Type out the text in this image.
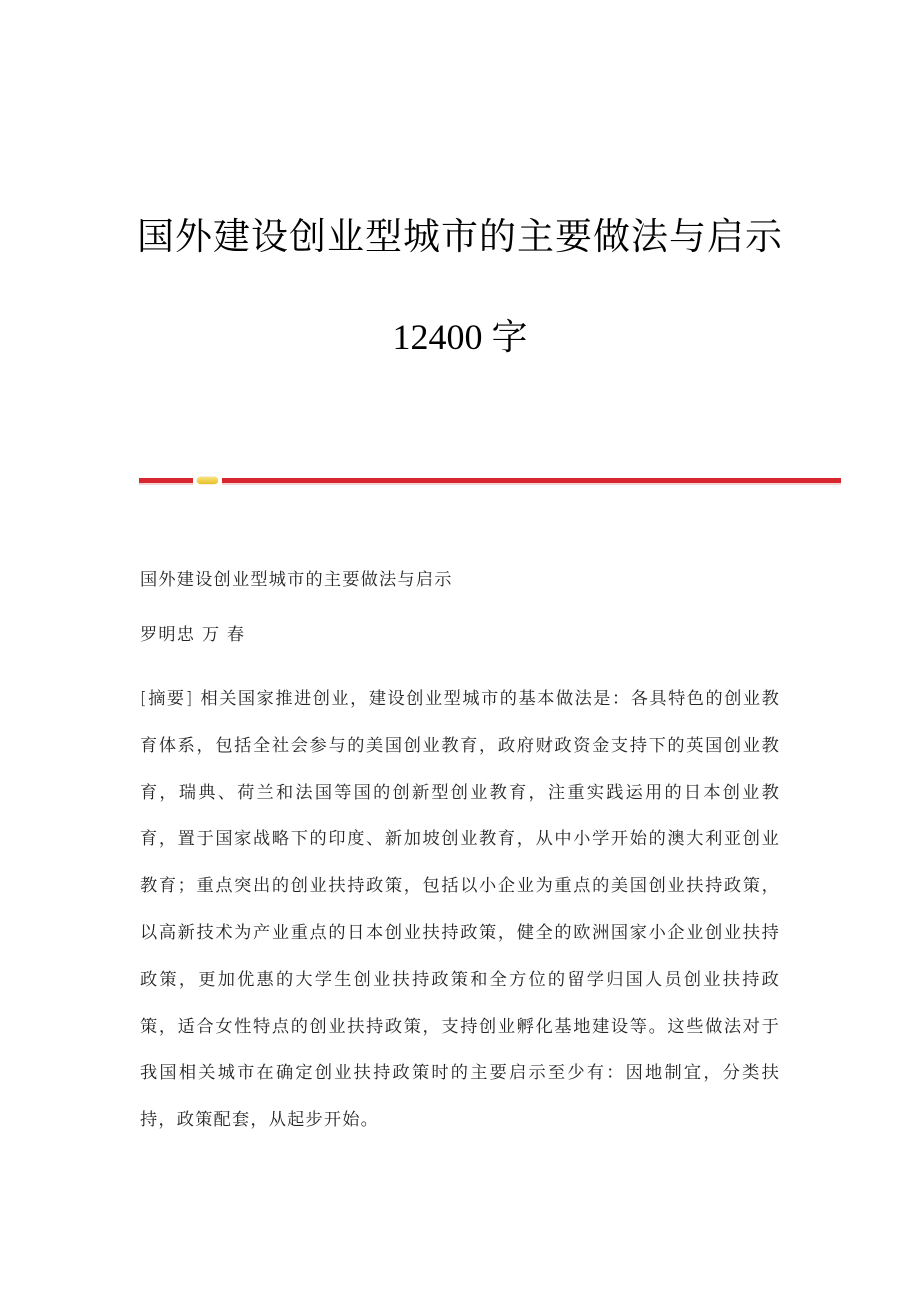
国外建设创业型城市的主要做法与启示
12400 字
国外建设创业型城市的主要做法与启示
罗明忠 万 春
[摘要] 相关国家推进创业，建设创业型城市的基本做法是：各具特色的创业教育体系，包括全社会参与的美国创业教育，政府财政资金支持下的英国创业教育，瑞典、荷兰和法国等国的创新型创业教育，注重实践运用的日本创业教育，置于国家战略下的印度、新加坡创业教育，从中小学开始的澳大利亚创业教育；重点突出的创业扶持政策，包括以小企业为重点的美国创业扶持政策，以高新技术为产业重点的日本创业扶持政策，健全的欧洲国家小企业创业扶持政策，更加优惠的大学生创业扶持政策和全方位的留学归国人员创业扶持政策，适合女性特点的创业扶持政策，支持创业孵化基地建设等。这些做法对于我国相关城市在确定创业扶持政策时的主要启示至少有：因地制宜，分类扶持，政策配套，从起步开始。
